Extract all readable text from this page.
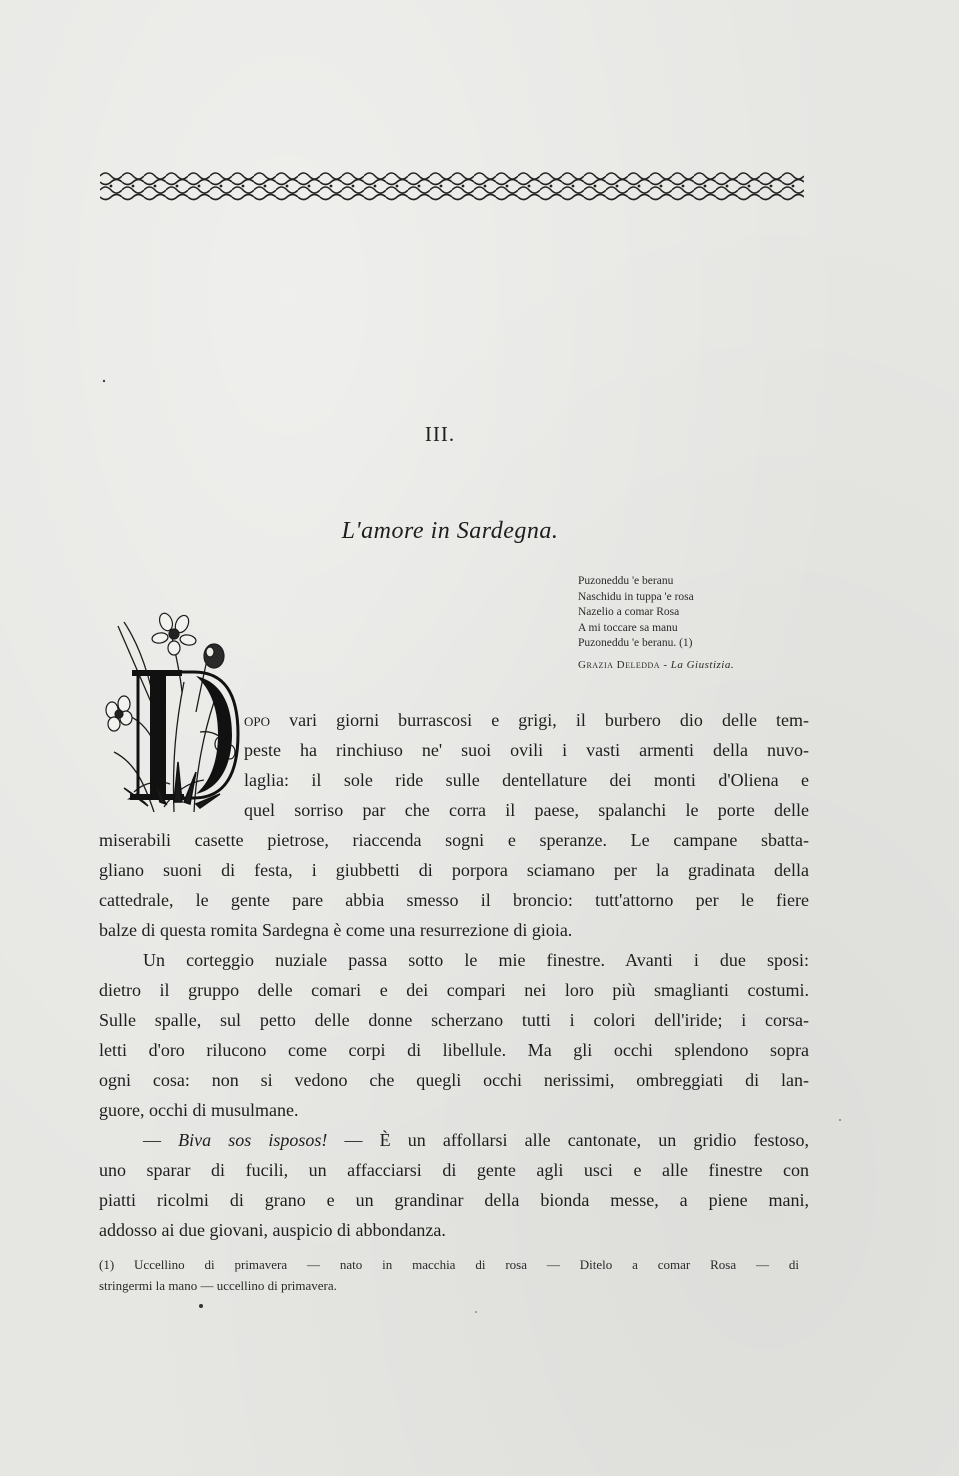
III.
L'amore in Sardegna.
Puzoneddu 'e beranu
Naschidu in tuppa 'e rosa
Nazelio a comar Rosa
A mi toccare sa manu
Puzoneddu 'e beranu. (1)
Grazia Deledda - La Giustizia.
opo vari giorni burrascosi e grigi, il burbero dio delle tem-
peste ha rinchiuso ne' suoi ovili i vasti armenti della nuvo-
laglia: il sole ride sulle dentellature dei monti d'Oliena e
quel sorriso par che corra il paese, spalanchi le porte delle
miserabili casette pietrose, riaccenda sogni e speranze. Le campane sbatta-
gliano suoni di festa, i giubbetti di porpora sciamano per la gradinata della
cattedrale, le gente pare abbia smesso il broncio: tutt'attorno per le fiere
balze di questa romita Sardegna è come una resurrezione di gioia.
Un corteggio nuziale passa sotto le mie finestre. Avanti i due sposi:
dietro il gruppo delle comari e dei compari nei loro più smaglianti costumi.
Sulle spalle, sul petto delle donne scherzano tutti i colori dell'iride; i corsa-
letti d'oro rilucono come corpi di libellule. Ma gli occhi splendono sopra
ogni cosa: non si vedono che quegli occhi nerissimi, ombreggiati di lan-
guore, occhi di musulmane.
— Biva sos isposos! — È un affollarsi alle cantonate, un gridio festoso,
uno sparar di fucili, un affacciarsi di gente agli usci e alle finestre con
piatti ricolmi di grano e un grandinar della bionda messe, a piene mani,
addosso ai due giovani, auspicio di abbondanza.
(1) Uccellino di primavera — nato in macchia di rosa — Ditelo a comar Rosa — di
stringermi la mano — uccellino di primavera.
